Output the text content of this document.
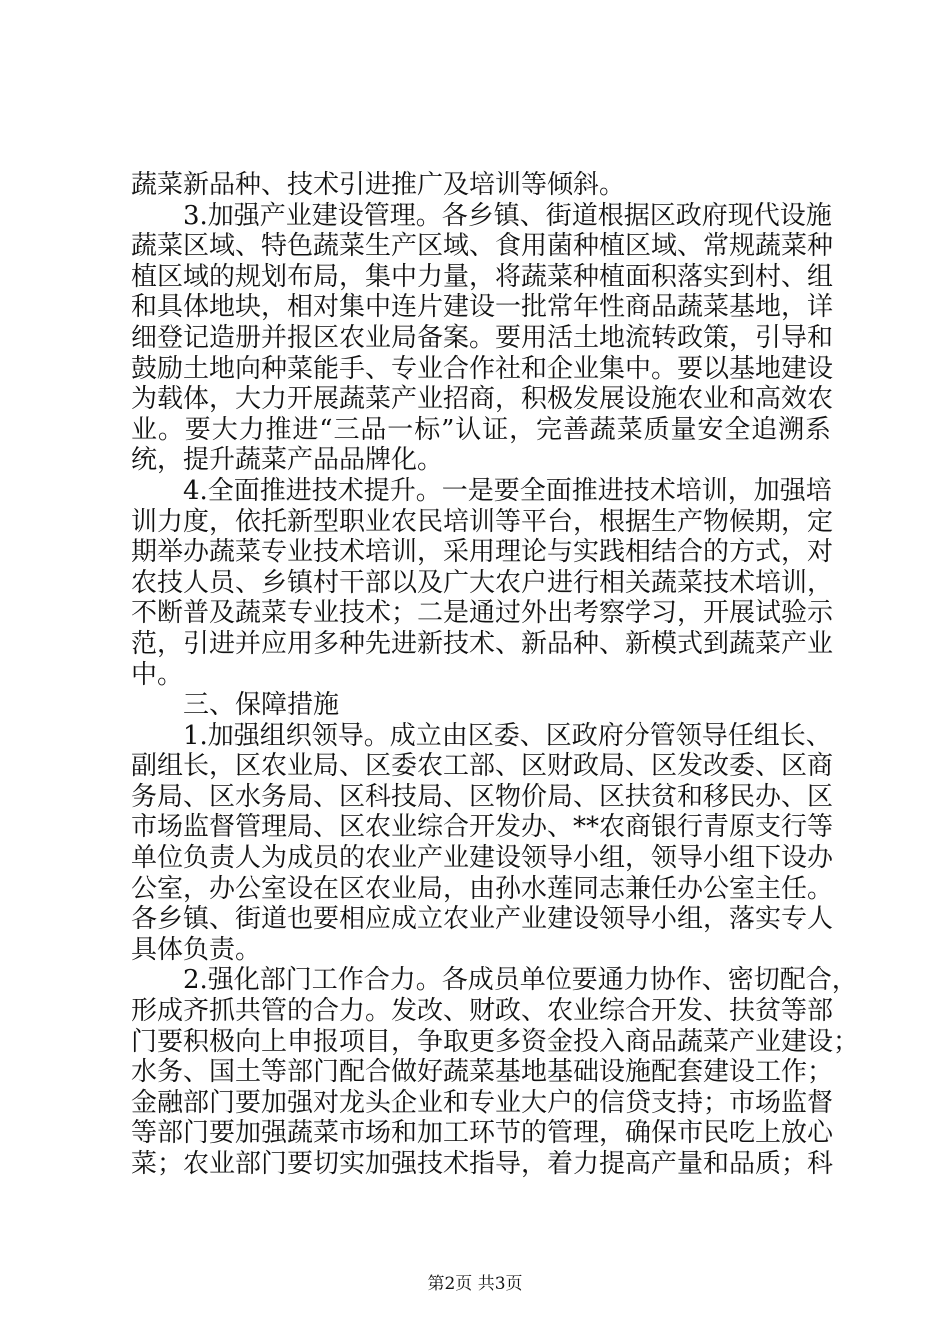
蔬菜新品种、技术引进推广及培训等倾斜。
3.加强产业建设管理。各乡镇、街道根据区政府现代设施
蔬菜区域、特色蔬菜生产区域、食用菌种植区域、常规蔬菜种
植区域的规划布局，集中力量，将蔬菜种植面积落实到村、组
和具体地块，相对集中连片建设一批常年性商品蔬菜基地，详
细登记造册并报区农业局备案。要用活土地流转政策，引导和
鼓励土地向种菜能手、专业合作社和企业集中。要以基地建设
为载体，大力开展蔬菜产业招商，积极发展设施农业和高效农
业。要大力推进“三品一标”认证，完善蔬菜质量安全追溯系
统，提升蔬菜产品品牌化。
4.全面推进技术提升。一是要全面推进技术培训，加强培
训力度，依托新型职业农民培训等平台，根据生产物候期，定
期举办蔬菜专业技术培训，采用理论与实践相结合的方式，对
农技人员、乡镇村干部以及广大农户进行相关蔬菜技术培训，
不断普及蔬菜专业技术；二是通过外出考察学习，开展试验示
范，引进并应用多种先进新技术、新品种、新模式到蔬菜产业
中。
三、保障措施
1.加强组织领导。成立由区委、区政府分管领导任组长、
副组长，区农业局、区委农工部、区财政局、区发改委、区商
务局、区水务局、区科技局、区物价局、区扶贫和移民办、区
市场监督管理局、区农业综合开发办、**农商银行青原支行等
单位负责人为成员的农业产业建设领导小组，领导小组下设办
公室，办公室设在区农业局，由孙水莲同志兼任办公室主任。
各乡镇、街道也要相应成立农业产业建设领导小组，落实专人
具体负责。
2.强化部门工作合力。各成员单位要通力协作、密切配合，
形成齐抓共管的合力。发改、财政、农业综合开发、扶贫等部
门要积极向上申报项目，争取更多资金投入商品蔬菜产业建设；
水务、国土等部门配合做好蔬菜基地基础设施配套建设工作；
金融部门要加强对龙头企业和专业大户的信贷支持；市场监督
等部门要加强蔬菜市场和加工环节的管理，确保市民吃上放心
菜；农业部门要切实加强技术指导，着力提高产量和品质；科
第2页 共3页
